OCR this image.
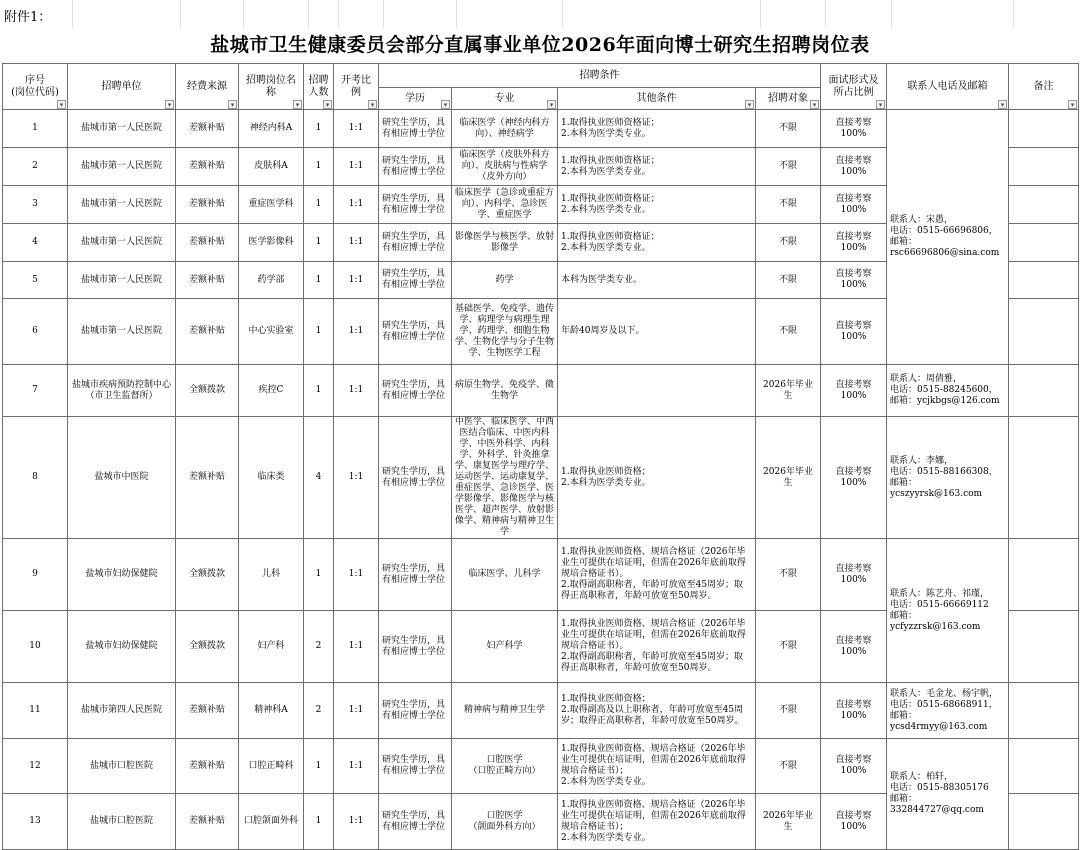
附件1：
盐城市卫生健康委员会部分直属事业单位2026年面向博士研究生招聘岗位表
序号
(岗位代码) ▾	招聘单位 ▾	经费来源 ▾	招聘岗位名称 ▾	招聘
人数 ▾	开考比例 ▾	招聘条件				面试形式及所占比例 ▾	联系人电话及邮箱 ▾	备注 ▾
						学历 ▾	专业 ▾	其他条件 ▾	招聘对象 ▾
1	盐城市第一人民医院	差额补贴	神经内科A	1	1:1	研究生学历，具有相应博士学位	临床医学（神经内科方向）、神经病学	1.取得执业医师资格证；
2.本科为医学类专业。	不限	直接考察100%	联系人：宋愚，
电话：0515-66696806，
邮箱：rsc66696806@sina.com	
2	盐城市第一人民医院	差额补贴	皮肤科A	1	1:1	研究生学历，具有相应博士学位	临床医学（皮肤外科方向）、皮肤病与性病学（皮外方向）	1.取得执业医师资格证；
2.本科为医学类专业。	不限	直接考察100%		
3	盐城市第一人民医院	差额补贴	重症医学科	1	1:1	研究生学历，具有相应博士学位	临床医学（急诊或重症方向）、内科学、急诊医学、重症医学	1.取得执业医师资格证；
2.本科为医学类专业。	不限	直接考察100%		
4	盐城市第一人民医院	差额补贴	医学影像科	1	1:1	研究生学历，具有相应博士学位	影像医学与核医学、放射影像学	1.取得执业医师资格证；
2.本科为医学类专业。	不限	直接考察100%		
5	盐城市第一人民医院	差额补贴	药学部	1	1:1	研究生学历，具有相应博士学位	药学	本科为医学类专业。	不限	直接考察100%		
6	盐城市第一人民医院	差额补贴	中心实验室	1	1:1	研究生学历，具有相应博士学位	基础医学、免疫学、遗传学、病理学与病理生理学、药理学、细胞生物学、生物化学与分子生物学、生物医学工程	年龄40周岁及以下。	不限	直接考察100%		
7	盐城市疾病预防控制中心（市卫生监督所）	全额拨款	疾控C	1	1:1	研究生学历，具有相应博士学位	病原生物学、免疫学、微生物学		2026年毕业生	直接考察100%	联系人：周倩雅，
电话：0515-88245600，
邮箱：ycjkbgs@126.com	
8	盐城市中医院	差额补贴	临床类	4	1:1	研究生学历，具有相应博士学位	中医学、临床医学、中西医结合临床、中医内科学、中医外科学、内科学、外科学、针灸推拿学、康复医学与理疗学、运动医学、运动康复学、重症医学、急诊医学、医学影像学、影像医学与核医学、超声医学、放射影像学、精神病与精神卫生学	1.取得执业医师资格；
2.本科为医学类专业。	2026年毕业生	直接考察100%	联系人：李娜，
电话：0515-88166308，
邮箱：ycszyyrsk@163.com	
9	盐城市妇幼保健院	全额拨款	儿科	1	1:1	研究生学历，具有相应博士学位	临床医学、儿科学	1.取得执业医师资格、规培合格证（2026年毕业生可提供在培证明，但需在2026年底前取得规培合格证书）。
2.取得副高职称者，年龄可放宽至45周岁；取得正高职称者，年龄可放宽至50周岁。	不限	直接考察100%	联系人：陈艺舟、祁瑾，
电话：0515-66669112
邮箱：ycfyzzrsk@163.com	
10	盐城市妇幼保健院	全额拨款	妇产科	2	1:1	研究生学历，具有相应博士学位	妇产科学	1.取得执业医师资格、规培合格证（2026年毕业生可提供在培证明，但需在2026年底前取得规培合格证书）。
2.取得副高职称者，年龄可放宽至45周岁；取得正高职称者，年龄可放宽至50周岁。	不限	直接考察100%		
11	盐城市第四人民医院	差额补贴	精神科A	2	1:1	研究生学历，具有相应博士学位	精神病与精神卫生学	1.取得执业医师资格；
2.取得副高及以上职称者，年龄可放宽至45周岁；取得正高职称者，年龄可放宽至50周岁。	不限	直接考察100%	联系人：毛金龙、杨宇帆，
电话：0515-68668911，
邮箱：ycsd4rmyy@163.com	
12	盐城市口腔医院	差额补贴	口腔正畸科	1	1:1	研究生学历，具有相应博士学位	口腔医学
（口腔正畸方向）	1.取得执业医师资格、规培合格证（2026年毕业生可提供在培证明，但需在2026年底前取得规培合格证书）；
2.本科为医学类专业。	不限	直接考察100%	联系人：柏轩，
电话：0515-88305176
邮箱：332844727@qq.com	
13	盐城市口腔医院	差额补贴	口腔颌面外科	1	1:1	研究生学历，具有相应博士学位	口腔医学
（颌面外科方向）	1.取得执业医师资格、规培合格证（2026年毕业生可提供在培证明，但需在2026年底前取得规培合格证书）；
2.本科为医学类专业。	2026年毕业生	直接考察100%		
